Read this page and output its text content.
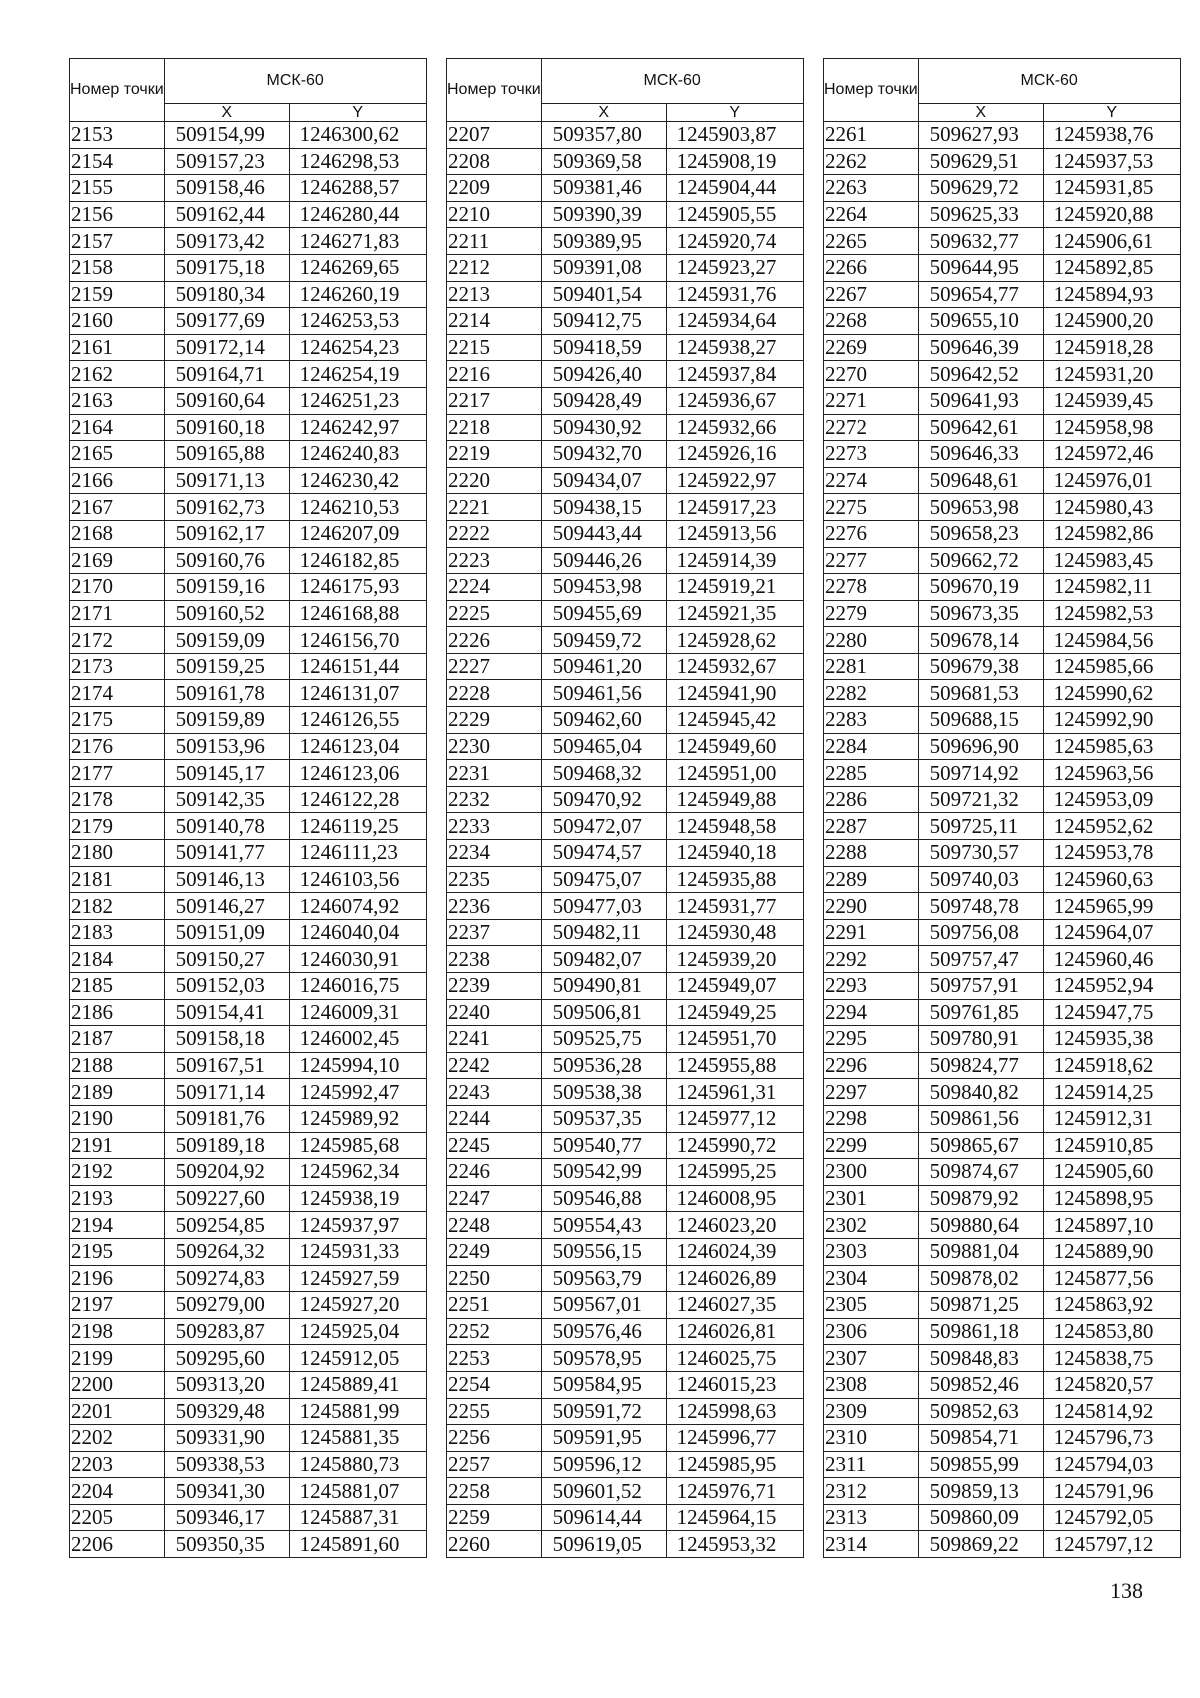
Номер точки	МСК-60	
	X	Y
2153	509154,99	1246300,62
2154	509157,23	1246298,53
2155	509158,46	1246288,57
2156	509162,44	1246280,44
2157	509173,42	1246271,83
2158	509175,18	1246269,65
2159	509180,34	1246260,19
2160	509177,69	1246253,53
2161	509172,14	1246254,23
2162	509164,71	1246254,19
2163	509160,64	1246251,23
2164	509160,18	1246242,97
2165	509165,88	1246240,83
2166	509171,13	1246230,42
2167	509162,73	1246210,53
2168	509162,17	1246207,09
2169	509160,76	1246182,85
2170	509159,16	1246175,93
2171	509160,52	1246168,88
2172	509159,09	1246156,70
2173	509159,25	1246151,44
2174	509161,78	1246131,07
2175	509159,89	1246126,55
2176	509153,96	1246123,04
2177	509145,17	1246123,06
2178	509142,35	1246122,28
2179	509140,78	1246119,25
2180	509141,77	1246111,23
2181	509146,13	1246103,56
2182	509146,27	1246074,92
2183	509151,09	1246040,04
2184	509150,27	1246030,91
2185	509152,03	1246016,75
2186	509154,41	1246009,31
2187	509158,18	1246002,45
2188	509167,51	1245994,10
2189	509171,14	1245992,47
2190	509181,76	1245989,92
2191	509189,18	1245985,68
2192	509204,92	1245962,34
2193	509227,60	1245938,19
2194	509254,85	1245937,97
2195	509264,32	1245931,33
2196	509274,83	1245927,59
2197	509279,00	1245927,20
2198	509283,87	1245925,04
2199	509295,60	1245912,05
2200	509313,20	1245889,41
2201	509329,48	1245881,99
2202	509331,90	1245881,35
2203	509338,53	1245880,73
2204	509341,30	1245881,07
2205	509346,17	1245887,31
2206	509350,35	1245891,60
Номер точки	МСК-60	
	X	Y
2207	509357,80	1245903,87
2208	509369,58	1245908,19
2209	509381,46	1245904,44
2210	509390,39	1245905,55
2211	509389,95	1245920,74
2212	509391,08	1245923,27
2213	509401,54	1245931,76
2214	509412,75	1245934,64
2215	509418,59	1245938,27
2216	509426,40	1245937,84
2217	509428,49	1245936,67
2218	509430,92	1245932,66
2219	509432,70	1245926,16
2220	509434,07	1245922,97
2221	509438,15	1245917,23
2222	509443,44	1245913,56
2223	509446,26	1245914,39
2224	509453,98	1245919,21
2225	509455,69	1245921,35
2226	509459,72	1245928,62
2227	509461,20	1245932,67
2228	509461,56	1245941,90
2229	509462,60	1245945,42
2230	509465,04	1245949,60
2231	509468,32	1245951,00
2232	509470,92	1245949,88
2233	509472,07	1245948,58
2234	509474,57	1245940,18
2235	509475,07	1245935,88
2236	509477,03	1245931,77
2237	509482,11	1245930,48
2238	509482,07	1245939,20
2239	509490,81	1245949,07
2240	509506,81	1245949,25
2241	509525,75	1245951,70
2242	509536,28	1245955,88
2243	509538,38	1245961,31
2244	509537,35	1245977,12
2245	509540,77	1245990,72
2246	509542,99	1245995,25
2247	509546,88	1246008,95
2248	509554,43	1246023,20
2249	509556,15	1246024,39
2250	509563,79	1246026,89
2251	509567,01	1246027,35
2252	509576,46	1246026,81
2253	509578,95	1246025,75
2254	509584,95	1246015,23
2255	509591,72	1245998,63
2256	509591,95	1245996,77
2257	509596,12	1245985,95
2258	509601,52	1245976,71
2259	509614,44	1245964,15
2260	509619,05	1245953,32
Номер точки	МСК-60	
	X	Y
2261	509627,93	1245938,76
2262	509629,51	1245937,53
2263	509629,72	1245931,85
2264	509625,33	1245920,88
2265	509632,77	1245906,61
2266	509644,95	1245892,85
2267	509654,77	1245894,93
2268	509655,10	1245900,20
2269	509646,39	1245918,28
2270	509642,52	1245931,20
2271	509641,93	1245939,45
2272	509642,61	1245958,98
2273	509646,33	1245972,46
2274	509648,61	1245976,01
2275	509653,98	1245980,43
2276	509658,23	1245982,86
2277	509662,72	1245983,45
2278	509670,19	1245982,11
2279	509673,35	1245982,53
2280	509678,14	1245984,56
2281	509679,38	1245985,66
2282	509681,53	1245990,62
2283	509688,15	1245992,90
2284	509696,90	1245985,63
2285	509714,92	1245963,56
2286	509721,32	1245953,09
2287	509725,11	1245952,62
2288	509730,57	1245953,78
2289	509740,03	1245960,63
2290	509748,78	1245965,99
2291	509756,08	1245964,07
2292	509757,47	1245960,46
2293	509757,91	1245952,94
2294	509761,85	1245947,75
2295	509780,91	1245935,38
2296	509824,77	1245918,62
2297	509840,82	1245914,25
2298	509861,56	1245912,31
2299	509865,67	1245910,85
2300	509874,67	1245905,60
2301	509879,92	1245898,95
2302	509880,64	1245897,10
2303	509881,04	1245889,90
2304	509878,02	1245877,56
2305	509871,25	1245863,92
2306	509861,18	1245853,80
2307	509848,83	1245838,75
2308	509852,46	1245820,57
2309	509852,63	1245814,92
2310	509854,71	1245796,73
2311	509855,99	1245794,03
2312	509859,13	1245791,96
2313	509860,09	1245792,05
2314	509869,22	1245797,12
138
